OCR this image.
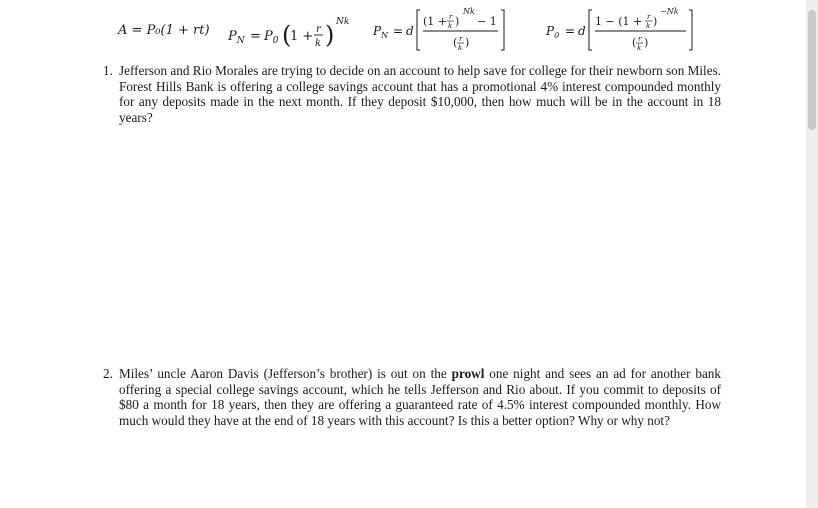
A = P₀(1 + rt) $P_N = P_0$ (
1 + r
k ) Nk
$P_N = d$
(1 + r
k )
Nk
− 1
( r
k )
$P_0 = d$
1 − (1 + r
k )
−Nk
( r
k )
1. Jefferson and Rio Morales are trying to decide on an account to help save for college for their newborn son Miles. Forest Hills Bank is offering a college savings account that has a promotional 4% interest compounded monthly for any deposits made in the next month. If they deposit $10,000, then how much will be in the account in 18 years?
2. Miles’ uncle Aaron Davis (Jefferson’s brother) is out on the prowl one night and sees an ad for another bank offering a special college savings account, which he tells Jefferson and Rio about. If you commit to deposits of $80 a month for 18 years, then they are offering a guaranteed rate of 4.5% interest compounded monthly. How much would they have at the end of 18 years with this account? Is this a better option? Why or why not?
